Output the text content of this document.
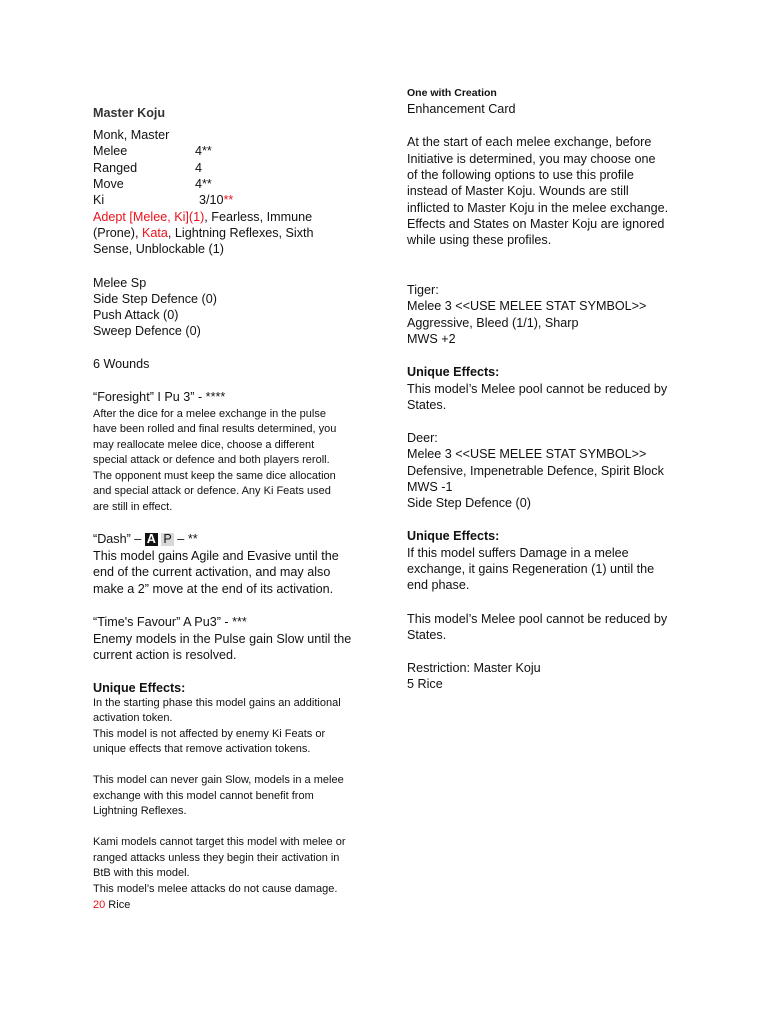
Master Koju
Monk, Master
Melee	4**
Ranged	4
Move	4**
Ki	3/10**
Adept [Melee, Ki](1), Fearless, Immune
(Prone), Kata, Lightning Reflexes, Sixth
Sense, Unblockable (1)
Melee Sp
Side Step Defence (0)
Push Attack (0)
Sweep Defence (0)
6 Wounds
“Foresight” I Pu 3” - ****
After the dice for a melee exchange in the pulse
have been rolled and final results determined, you
may reallocate melee dice, choose a different
special attack or defence and both players reroll.
The opponent must keep the same dice allocation
and special attack or defence. Any Ki Feats used
are still in effect.
“Dash” – A P – **
This model gains Agile and Evasive until the
end of the current activation, and may also
make a 2” move at the end of its activation.
“Time's Favour” A Pu3” - ***
Enemy models in the Pulse gain Slow until the
current action is resolved.
Unique Effects:
In the starting phase this model gains an additional
activation token.
This model is not affected by enemy Ki Feats or
unique effects that remove activation tokens.
This model can never gain Slow, models in a melee
exchange with this model cannot benefit from
Lightning Reflexes.
Kami models cannot target this model with melee or
ranged attacks unless they begin their activation in
BtB with this model.
This model’s melee attacks do not cause damage.
20 Rice
One with Creation
Enhancement Card
At the start of each melee exchange, before
Initiative is determined, you may choose one
of the following options to use this profile
instead of Master Koju. Wounds are still
inflicted to Master Koju in the melee exchange.
Effects and States on Master Koju are ignored
while using these profiles.
Tiger:
Melee 3 <<USE MELEE STAT SYMBOL>>
Aggressive, Bleed (1/1), Sharp
MWS +2
Unique Effects:
This model’s Melee pool cannot be reduced by
States.
Deer:
Melee 3 <<USE MELEE STAT SYMBOL>>
Defensive, Impenetrable Defence, Spirit Block
MWS -1
Side Step Defence (0)
Unique Effects:
If this model suffers Damage in a melee
exchange, it gains Regeneration (1) until the
end phase.
This model’s Melee pool cannot be reduced by
States.
Restriction: Master Koju
5 Rice
